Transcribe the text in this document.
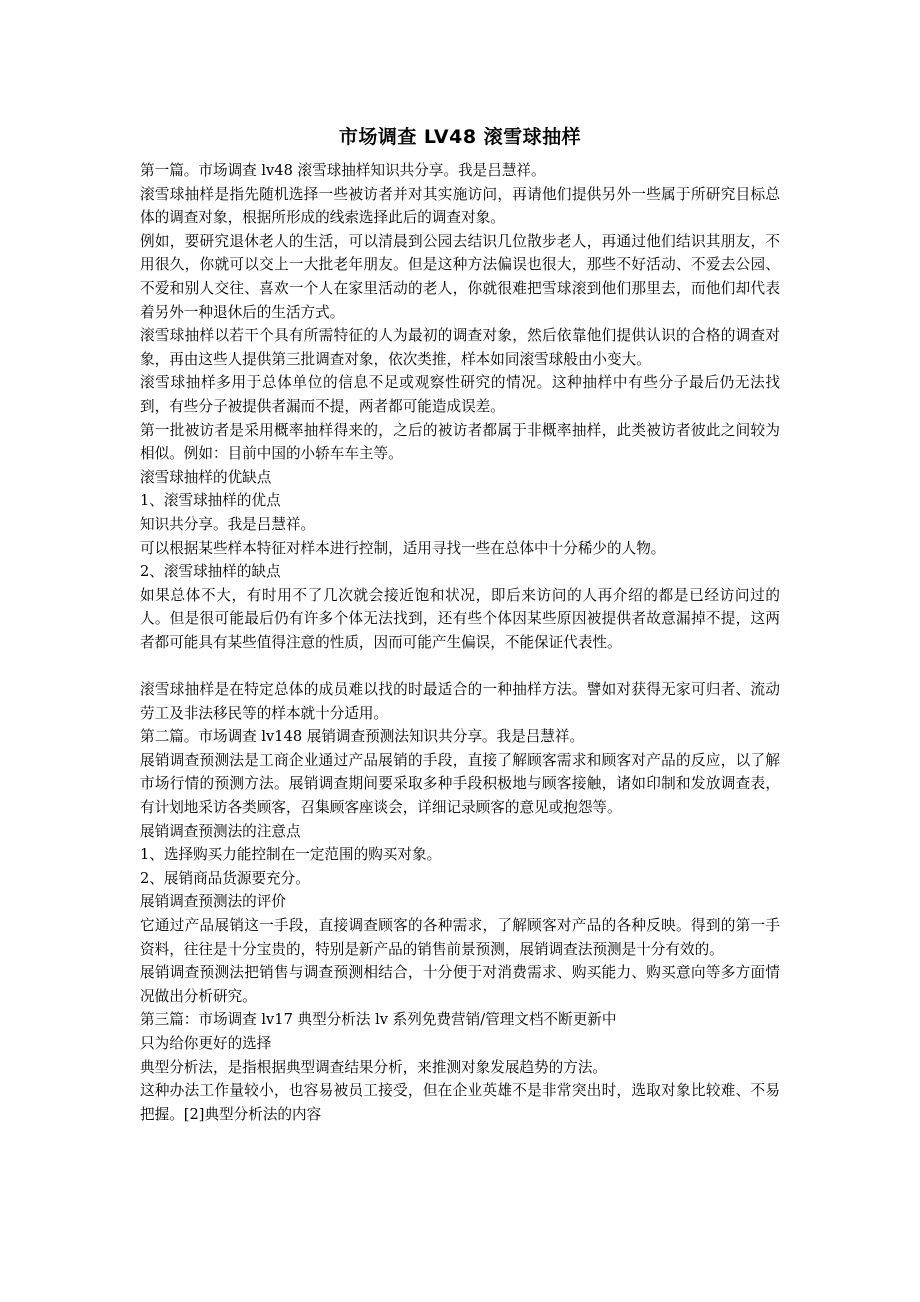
市场调查 LV48 滚雪球抽样

第一篇。市场调查 lv48 滚雪球抽样知识共分享。我是吕慧祥。

滚雪球抽样是指先随机选择一些被访者并对其实施访问，再请他们提供另外一些属于所研究目标总体的调查对象，根据所形成的线索选择此后的调查对象。

例如，要研究退休老人的生活，可以清晨到公园去结识几位散步老人，再通过他们结识其朋友，不用很久，你就可以交上一大批老年朋友。但是这种方法偏误也很大，那些不好活动、不爱去公园、不爱和别人交往、喜欢一个人在家里活动的老人，你就很难把雪球滚到他们那里去，而他们却代表着另外一种退休后的生活方式。

滚雪球抽样以若干个具有所需特征的人为最初的调查对象，然后依靠他们提供认识的合格的调查对象，再由这些人提供第三批调查对象，依次类推，样本如同滚雪球般由小变大。

滚雪球抽样多用于总体单位的信息不足或观察性研究的情况。这种抽样中有些分子最后仍无法找到，有些分子被提供者漏而不提，两者都可能造成误差。

第一批被访者是采用概率抽样得来的，之后的被访者都属于非概率抽样，此类被访者彼此之间较为相似。例如：目前中国的小轿车车主等。

滚雪球抽样的优缺点

1、滚雪球抽样的优点

知识共分享。我是吕慧祥。

可以根据某些样本特征对样本进行控制，适用寻找一些在总体中十分稀少的人物。

2、滚雪球抽样的缺点

如果总体不大，有时用不了几次就会接近饱和状况，即后来访问的人再介绍的都是已经访问过的人。但是很可能最后仍有许多个体无法找到，还有些个体因某些原因被提供者故意漏掉不提，这两者都可能具有某些值得注意的性质，因而可能产生偏误，不能保证代表性。

滚雪球抽样是在特定总体的成员难以找的时最适合的一种抽样方法。譬如对获得无家可归者、流动劳工及非法移民等的样本就十分适用。

第二篇。市场调查 lv148 展销调查预测法知识共分享。我是吕慧祥。

展销调查预测法是工商企业通过产品展销的手段，直接了解顾客需求和顾客对产品的反应，以了解市场行情的预测方法。展销调查期间要采取多种手段积极地与顾客接触，诸如印制和发放调查表，有计划地采访各类顾客，召集顾客座谈会，详细记录顾客的意见或抱怨等。

展销调查预测法的注意点

1、选择购买力能控制在一定范围的购买对象。

2、展销商品货源要充分。

展销调查预测法的评价

它通过产品展销这一手段，直接调查顾客的各种需求，了解顾客对产品的各种反映。得到的第一手资料，往往是十分宝贵的，特别是新产品的销售前景预测，展销调查法预测是十分有效的。

展销调查预测法把销售与调查预测相结合，十分便于对消费需求、购买能力、购买意向等多方面情况做出分析研究。

第三篇：市场调查 lv17 典型分析法 lv 系列免费营销/管理文档不断更新中

只为给你更好的选择

典型分析法，是指根据典型调查结果分析，来推测对象发展趋势的方法。

这种办法工作量较小，也容易被员工接受，但在企业英雄不是非常突出时，选取对象比较难、不易把握。[2]典型分析法的内容
